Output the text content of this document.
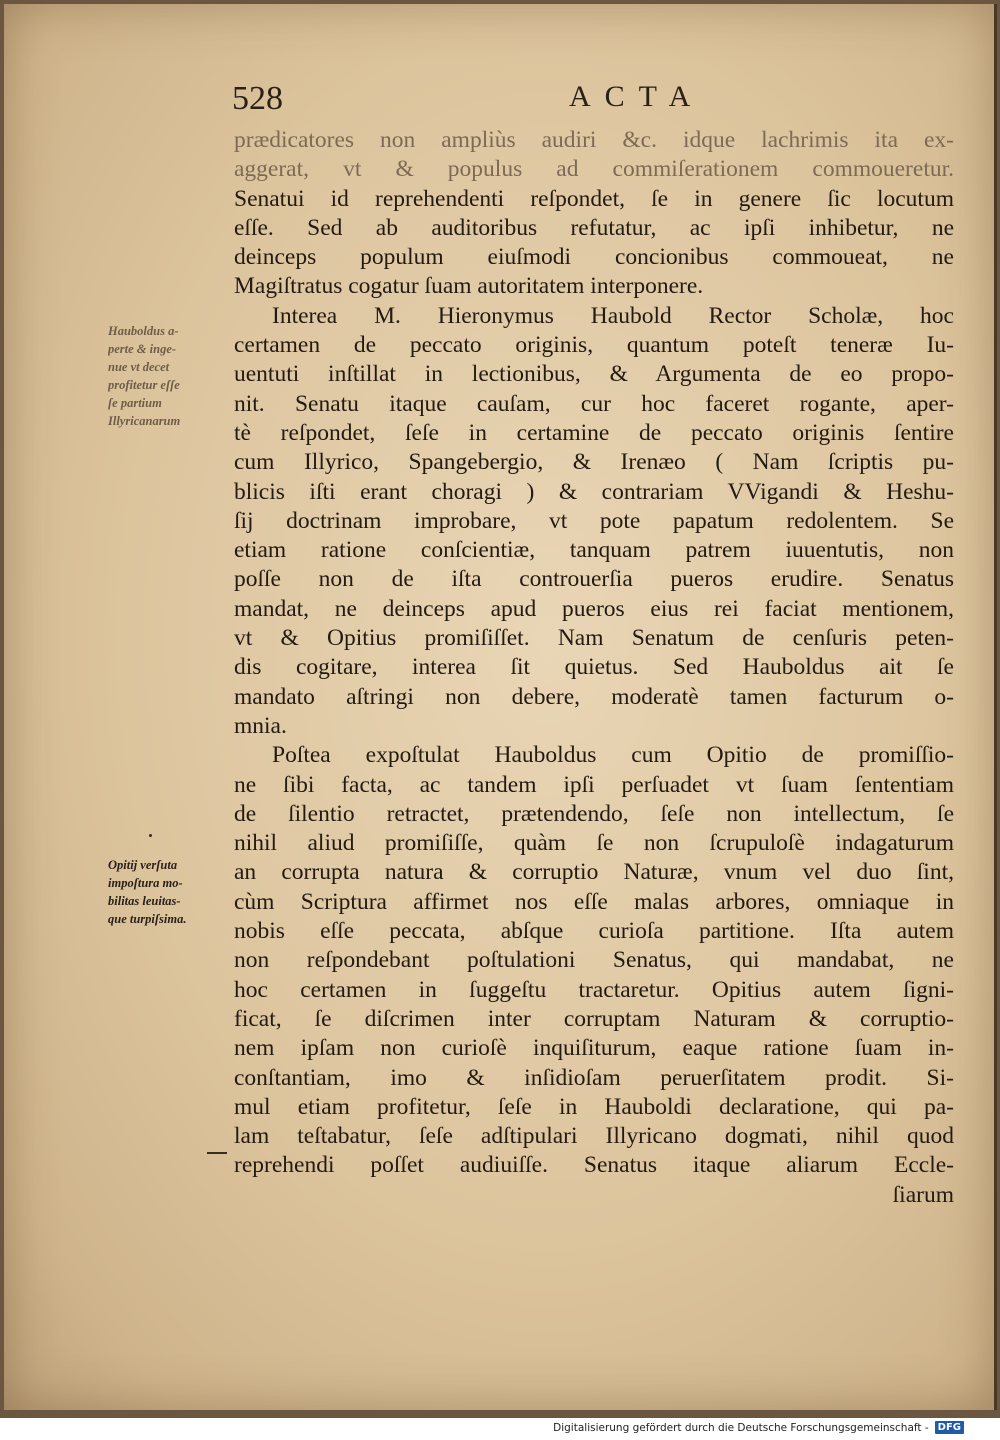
528	ACTA
Hauboldus a-
perte & inge-
nue vt decet
profitetur eſſe
ſe partium
Illyricanarum
Opitij verſuta
impoſtura mo-
bilitas leuitas-
que turpiſsima.
prædicatores non ampliùs audiri &c. idque lachrimis ita ex-
aggerat, vt & populus ad commiſerationem commoueretur.
Senatui id reprehendenti reſpondet, ſe in genere ſic locutum
eſſe. Sed ab auditoribus refutatur, ac ipſi inhibetur, ne
deinceps populum eiuſmodi concionibus commoueat, ne
Magiſtratus cogatur ſuam autoritatem interponere.
Interea M. Hieronymus Haubold Rector Scholæ, hoc
certamen de peccato originis, quantum poteſt teneræ Iu-
uentuti inſtillat in lectionibus, & Argumenta de eo propo-
nit. Senatu itaque cauſam, cur hoc faceret rogante, aper-
tè reſpondet, ſeſe in certamine de peccato originis ſentire
cum Illyrico, Spangebergio, & Irenæo ( Nam ſcriptis pu-
blicis iſti erant choragi ) & contrariam VVigandi & Heshu-
ſij doctrinam improbare, vt pote papatum redolentem. Se
etiam ratione conſcientiæ, tanquam patrem iuuentutis, non
poſſe non de iſta controuerſia pueros erudire. Senatus
mandat, ne deinceps apud pueros eius rei faciat mentionem,
vt & Opitius promiſiſſet. Nam Senatum de cenſuris peten-
dis cogitare, interea ſit quietus. Sed Hauboldus ait ſe
mandato aſtringi non debere, moderatè tamen facturum o-
mnia.
Poſtea expoſtulat Hauboldus cum Opitio de promiſſio-
ne ſibi facta, ac tandem ipſi perſuadet vt ſuam ſententiam
de ſilentio retractet, prætendendo, ſeſe non intellectum, ſe
nihil aliud promiſiſſe, quàm ſe non ſcrupuloſè indagaturum
an corrupta natura & corruptio Naturæ, vnum vel duo ſint,
cùm Scriptura affirmet nos eſſe malas arbores, omniaque in
nobis eſſe peccata, abſque curioſa partitione. Iſta autem
non reſpondebant poſtulationi Senatus, qui mandabat, ne
hoc certamen in ſuggeſtu tractaretur. Opitius autem ſigni-
ficat, ſe diſcrimen inter corruptam Naturam & corruptio-
nem ipſam non curioſè inquiſiturum, eaque ratione ſuam in-
conſtantiam, imo & inſidioſam peruerſitatem prodit. Si-
mul etiam profitetur, ſeſe in Hauboldi declaratione, qui pa-
lam teſtabatur, ſeſe adſtipulari Illyricano dogmati, nihil quod
reprehendi poſſet audiuiſſe. Senatus itaque aliarum Eccle-
ſiarum
Digitalisierung gefördert durch die Deutsche Forschungsgemeinschaft - DFG
